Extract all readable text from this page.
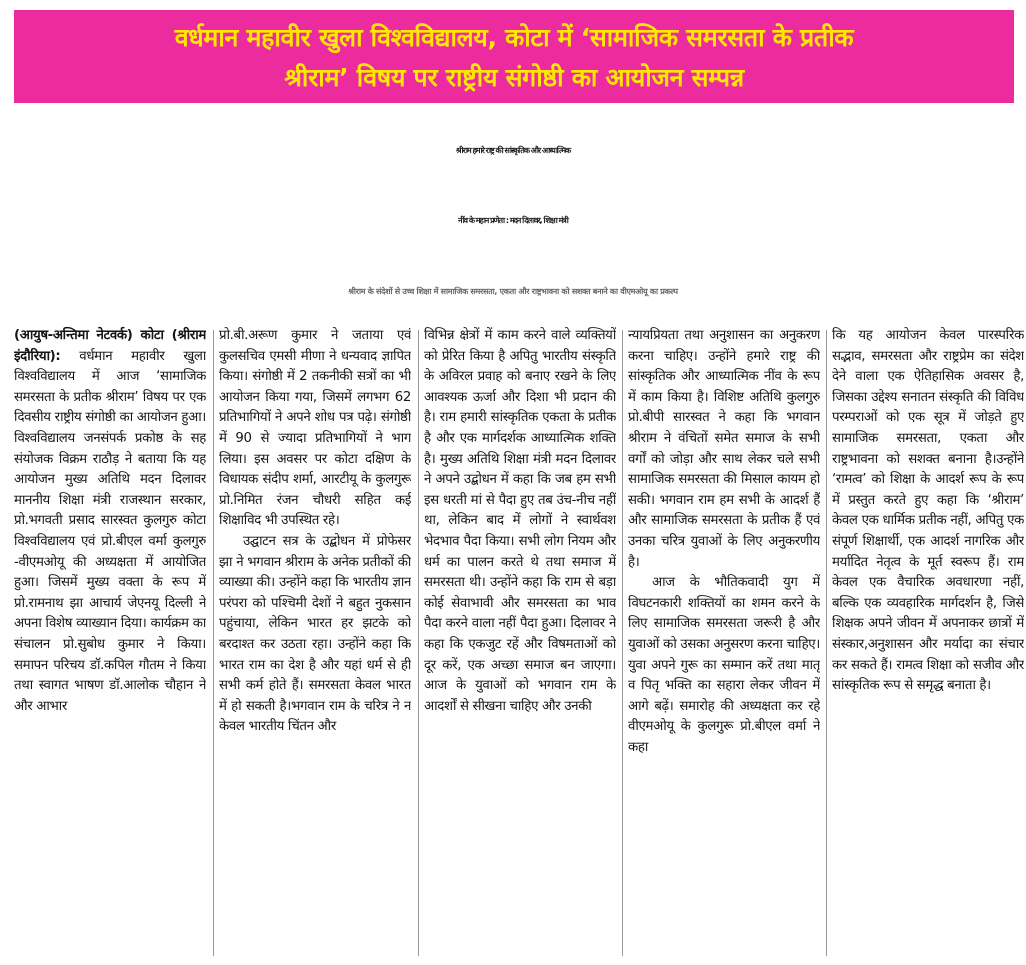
वर्धमान महावीर खुला विश्वविद्यालय, कोटा में ‘सामाजिक समरसता के प्रतीक
श्रीराम’ विषय पर राष्ट्रीय संगोष्ठी का आयोजन सम्पन्न
श्रीराम हमारे राष्ट्र की सांस्कृतिक और आध्यात्मिक
नींव के महान प्रणेता : मदन दिलावर, शिक्षा मंत्री
श्रीराम के संदेशों से उच्च शिक्षा में सामाजिक समरसता, एकता और राष्ट्रभावना को सशक्त बनाने का वीएमओयू का प्रकल्प

(आयुष-अन्तिमा नेटवर्क) कोटा (श्रीराम इंदौरिया): वर्धमान महावीर खुला विश्वविद्यालय में आज ‘सामाजिक समरसता के प्रतीक श्रीराम’ विषय पर एक दिवसीय राष्ट्रीय संगोष्ठी का आयोजन हुआ। विश्वविद्यालय जनसंपर्क प्रकोष्ठ के सह संयोजक विक्रम राठौड़ ने बताया कि यह आयोजन मुख्य अतिथि मदन दिलावर माननीय शिक्षा मंत्री राजस्थान सरकार, प्रो.भगवती प्रसाद सारस्वत कुलगुरु कोटा विश्वविद्यालय एवं प्रो.बीएल वर्मा कुलगुरु -वीएमओयू की अध्यक्षता में आयोजित हुआ। जिसमें मुख्य वक्ता के रूप में प्रो.रामनाथ झा आचार्य जेएनयू दिल्ली ने अपना विशेष व्याख्यान दिया। कार्यक्रम का संचालन प्रो.सुबोध कुमार ने किया। समापन परिचय डॉ.कपिल गौतम ने किया तथा स्वागत भाषण डॉ.आलोक चौहान ने और आभार

प्रो.बी.अरूण कुमार ने जताया एवं कुलसचिव एमसी मीणा ने धन्यवाद ज्ञापित किया। संगोष्ठी में 2 तकनीकी सत्रों का भी आयोजन किया गया, जिसमें लगभग 62 प्रतिभागियों ने अपने शोध पत्र पढ़े। संगोष्ठी में 90 से ज्यादा प्रतिभागियों ने भाग लिया। इस अवसर पर कोटा दक्षिण के विधायक संदीप शर्मा, आरटीयू के कुलगुरू प्रो.निमित रंजन चौधरी सहित कई शिक्षाविद भी उपस्थित रहे।

उद्घाटन सत्र के उद्बोधन में प्रोफेसर झा ने भगवान श्रीराम के अनेक प्रतीकों की व्याख्या की। उन्होंने कहा कि भारतीय ज्ञान परंपरा को पश्चिमी देशों ने बहुत नुकसान पहुंचाया, लेकिन भारत हर झटके को बरदाश्त कर उठता रहा। उन्होंने कहा कि भारत राम का देश है और यहां धर्म से ही सभी कर्म होते हैं। समरसता केवल भारत में हो सकती है।भगवान राम के चरित्र ने न केवल भारतीय चिंतन और

विभिन्न क्षेत्रों में काम करने वाले व्यक्तियों को प्रेरित किया है अपितु भारतीय संस्कृति के अविरल प्रवाह को बनाए रखने के लिए आवश्यक ऊर्जा और दिशा भी प्रदान की है। राम हमारी सांस्कृतिक एकता के प्रतीक है और एक मार्गदर्शक आध्यात्मिक शक्ति है। मुख्य अतिथि शिक्षा मंत्री मदन दिलावर ने अपने उद्बोधन में कहा कि जब हम सभी इस धरती मां से पैदा हुए तब उंच-नीच नहीं था, लेकिन बाद में लोगों ने स्वार्थवश भेदभाव पैदा किया। सभी लोग नियम और धर्म का पालन करते थे तथा समाज में समरसता थी। उन्होंने कहा कि राम से बड़ा कोई सेवाभावी और समरसता का भाव पैदा करने वाला नहीं पैदा हुआ। दिलावर ने कहा कि एकजुट रहें और विषमताओं को दूर करें, एक अच्छा समाज बन जाएगा। आज के युवाओं को भगवान राम के आदर्शों से सीखना चाहिए और उनकी

न्यायप्रियता तथा अनुशासन का अनुकरण करना चाहिए। उन्होंने हमारे राष्ट्र की सांस्कृतिक और आध्यात्मिक नींव के रूप में काम किया है। विशिष्ट अतिथि कुलगुरु प्रो.बीपी सारस्वत ने कहा कि भगवान श्रीराम ने वंचितों समेत समाज के सभी वर्गों को जोड़ा और साथ लेकर चले सभी सामाजिक समरसता की मिसाल कायम हो सकी। भगवान राम हम सभी के आदर्श हैं और सामाजिक समरसता के प्रतीक हैं एवं उनका चरित्र युवाओं के लिए अनुकरणीय है।

आज के भौतिकवादी युग में विघटनकारी शक्तियों का शमन करने के लिए सामाजिक समरसता जरूरी है और युवाओं को उसका अनुसरण करना चाहिए। युवा अपने गुरू का सम्मान करें तथा मातृ व पितृ भक्ति का सहारा लेकर जीवन में आगे बढ़ें। समारोह की अध्यक्षता कर रहे वीएमओयू के कुलगुरू प्रो.बीएल वर्मा ने कहा

कि यह आयोजन केवल पारस्परिक सद्भाव, समरसता और राष्ट्रप्रेम का संदेश देने वाला एक ऐतिहासिक अवसर है, जिसका उद्देश्य सनातन संस्कृति की विविध परम्पराओं को एक सूत्र में जोड़ते हुए सामाजिक समरसता, एकता और राष्ट्रभावना को सशक्त बनाना है।उन्होंने ‘रामत्व’ को शिक्षा के आदर्श रूप के रूप में प्रस्तुत करते हुए कहा कि ‘श्रीराम’ केवल एक धार्मिक प्रतीक नहीं, अपितु एक संपूर्ण शिक्षार्थी, एक आदर्श नागरिक और मर्यादित नेतृत्व के मूर्त स्वरूप हैं। राम केवल एक वैचारिक अवधारणा नहीं, बल्कि एक व्यवहारिक मार्गदर्शन है, जिसे शिक्षक अपने जीवन में अपनाकर छात्रों में संस्कार,अनुशासन और मर्यादा का संचार कर सकते हैं। रामत्व शिक्षा को सजीव और सांस्कृतिक रूप से समृद्ध बनाता है।
